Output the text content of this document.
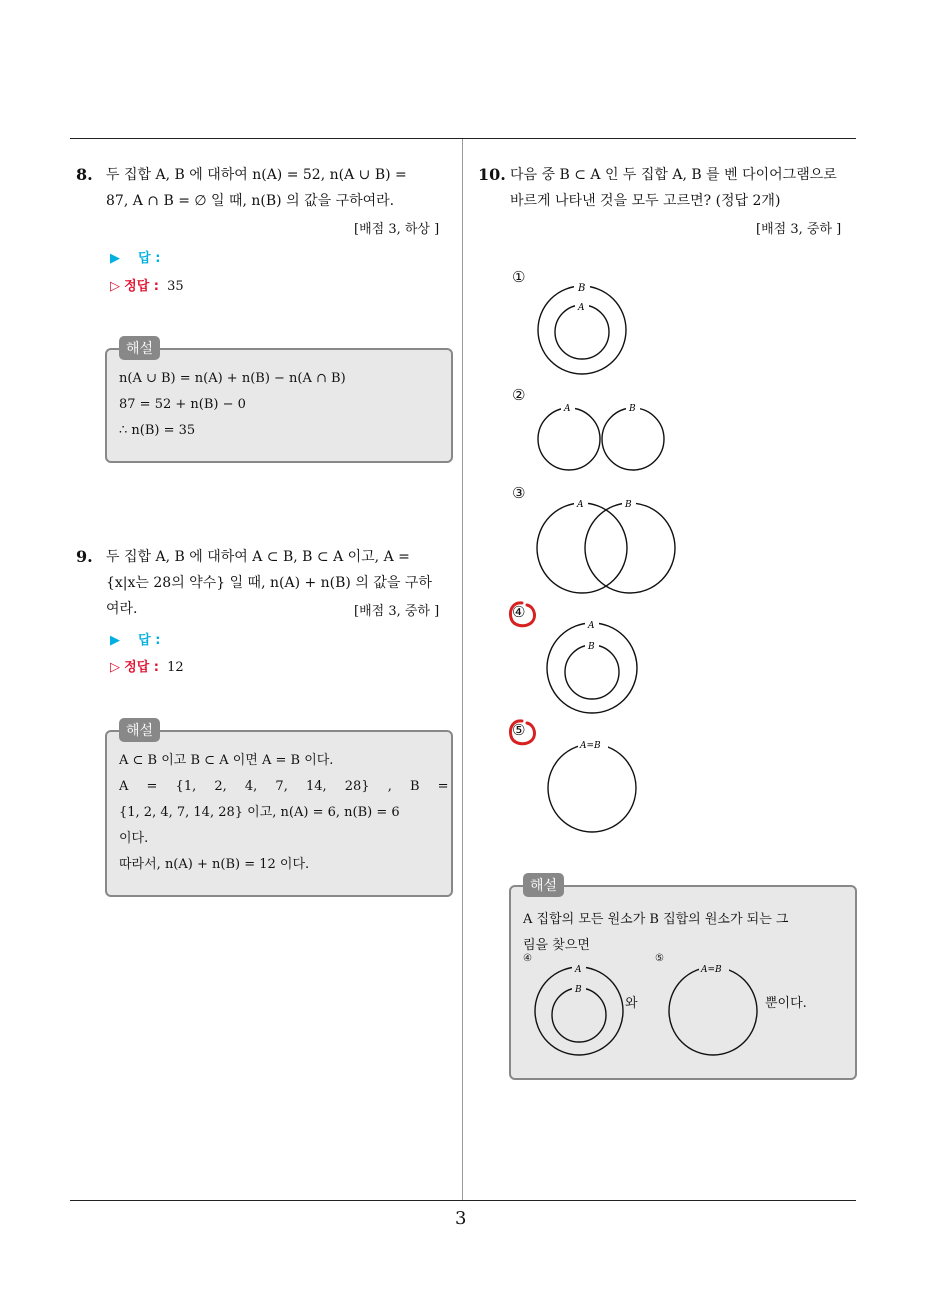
3
8. 두 집합 A, B 에 대하여 n(A) = 52, n(A ∪ B) =
87, A ∩ B = ∅ 일 때, n(B) 의 값을 구하여라.
[배점 3, 하상 ]
▶ 답 :
▷ 정답 : 35
n(A ∪ B) = n(A) + n(B) − n(A ∩ B)
87 = 52 + n(B) − 0
∴ n(B) = 35
해설
9. 두 집합 A, B 에 대하여 A ⊂ B, B ⊂ A 이고, A =
{x|x는 28의 약수} 일 때, n(A) + n(B) 의 값을 구하
여라.	[배점 3, 중하 ]
▶ 답 :
▷ 정답 : 12
A ⊂ B 이고 B ⊂ A 이면 A = B 이다.
A = {1, 2, 4, 7, 14, 28} , B =
{1, 2, 4, 7, 14, 28} 이고, n(A) = 6, n(B) = 6
이다.
따라서, n(A) + n(B) = 12 이다.
해설
10. 다음 중 B ⊂ A 인 두 집합 A, B 를 벤 다이어그램으로
바르게 나타낸 것을 모두 고르면? (정답 2개)
[배점 3, 중하 ]
①
B
A
②
A	B
③
A	B
④
A
B
⑤
A=B
A 집합의 모든 원소가 B 집합의 원소가 되는 그
림을 찾으면
④	⑤
A
B
와
A=B
뿐이다.
해설
